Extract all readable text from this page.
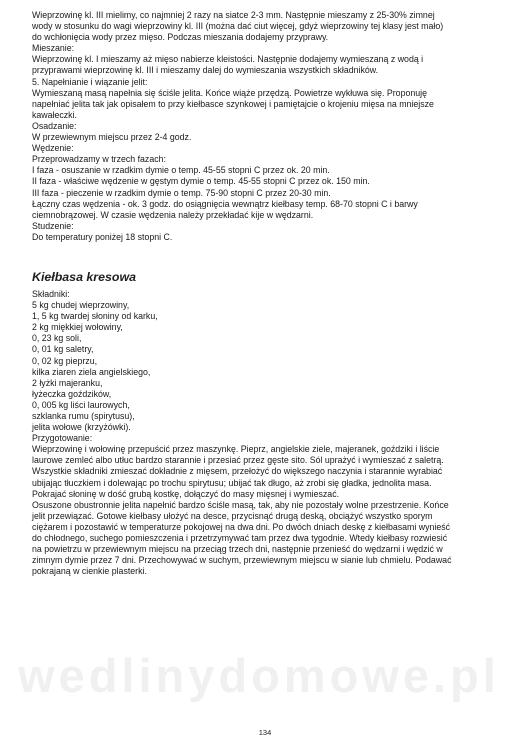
Wieprzowinę kl. III mielimy, co najmniej 2 razy na siatce 2-3 mm. Następnie mieszamy z 25-30% zimnej

wody w stosunku do wagi wieprzowiny kl. III (można dać ciut więcej, gdyż wieprzowiny tej klasy jest mało)

do wchłonięcia wody przez mięso. Podczas mieszania dodajemy przyprawy.

Mieszanie:

Wieprzowinę kl. I mieszamy aż mięso nabierze kleistości. Następnie dodajemy wymieszaną z wodą i

przyprawami wieprzowinę kl. III i mieszamy dalej do wymieszania wszystkich składników.

5. Napełnianie i wiązanie jelit:

Wymieszaną masą napełnia się ściśle jelita. Końce wiąże przędzą. Powietrze wykłuwa się. Proponuję

napełniać jelita tak jak opisałem to przy kiełbasce szynkowej i pamiętajcie o krojeniu mięsa na mniejsze

kawałeczki.

Osadzanie:

W przewiewnym miejscu przez 2-4 godz.

Wędzenie:

Przeprowadzamy w trzech fazach:

I faza - osuszanie w rzadkim dymie o temp. 45-55 stopni C przez ok. 20 min.

II faza - właściwe wędzenie w gęstym dymie o temp. 45-55 stopni C przez ok. 150 min.

III faza - pieczenie w rzadkim dymie o temp. 75-90 stopni C przez 20-30 min.

Łączny czas wędzenia - ok. 3 godz. do osiągnięcia wewnątrz kiełbasy temp. 68-70 stopni C i barwy

ciemnobrązowej. W czasie wędzenia należy przekładać kije w wędzarni.

Studzenie:

Do temperatury poniżej 18 stopni C.

Kiełbasa kresowa

Składniki:

5 kg chudej wieprzowiny,

1, 5 kg twardej słoniny od karku,

2 kg miękkiej wołowiny,

0, 23 kg soli,

0, 01 kg saletry,

0, 02 kg pieprzu,

kilka ziaren ziela angielskiego,

2 łyżki majeranku,

łyżeczka goździków,

0, 005 kg liści laurowych,

szklanka rumu (spirytusu),

jelita wołowe (krzyżówki).

Przygotowanie:

Wieprzowinę i wołowinę przepuścić przez maszynkę. Pieprz, angielskie ziele, majeranek, goździki i liście

laurowe zemleć albo utłuc bardzo starannie i przesiać przez gęste sito. Sól uprażyć i wymieszać z saletrą.

Wszystkie składniki zmieszać dokładnie z mięsem, przełożyć do większego naczynia i starannie wyrabiać

ubijając tłuczkiem i dolewając po trochu spirytusu; ubijać tak długo, aż zrobi się gładka, jednolita masa.

Pokrajać słoninę w dość grubą kostkę, dołączyć do masy mięsnej i wymieszać.

Osuszone obustronnie jelita napełnić bardzo ściśle masą, tak, aby nie pozostały wolne przestrzenie. Końce

jelit przewiązać. Gotowe kiełbasy ułożyć na desce, przycisnąć drugą deską, obciążyć wszystko sporym

ciężarem i pozostawić w temperaturze pokojowej na dwa dni. Po dwóch dniach deskę z kiełbasami wynieść

do chłodnego, suchego pomieszczenia i przetrzymywać tam przez dwa tygodnie. Wtedy kiełbasy rozwiesić

na powietrzu w przewiewnym miejscu na przeciąg trzech dni, następnie przenieść do wędzarni i wędzić w

zimnym dymie przez 7 dni. Przechowywać w suchym, przewiewnym miejscu w sianie lub chmielu. Podawać

pokrajaną w cienkie plasterki.

wedlinydomowe.pl
134
